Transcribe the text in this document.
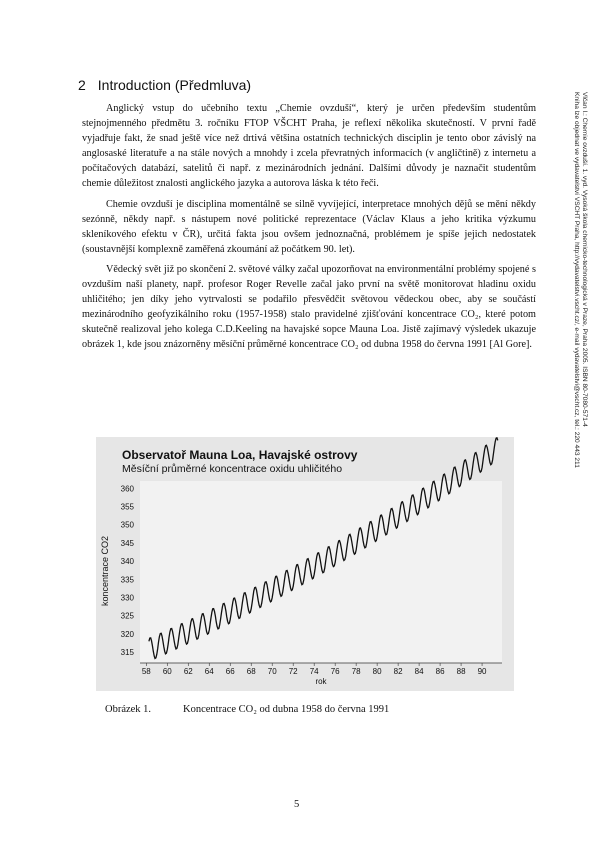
2 Introduction (Předmluva)
Vlčan I.: Chemie ovzduší. 1. vyd. Vysoká škola chemicko-technologická v Praze, Praha 2005. ISBN 80-7080-571-4
Kniha lze objednat ve vydavatelství VŠCHT Praha, http://vydavatelstvi.vscht.cz/, e-mail vydavatelstvi@vscht.cz, tel.: 220 443 211

Anglický vstup do učebního textu „Chemie ovzduší“, který je určen především studentům stejnojmenného předmětu 3. ročníku FTOP VŠCHT Praha, je reflexí několika skutečností. V první řadě vyjadřuje fakt, že snad ještě více než drtivá většina ostatních technických disciplin je tento obor závislý na anglosaské literatuře a na stále nových a mnohdy i zcela převratných informacích (v angličtině) z internetu a počítačových databází, satelitů či např. z mezinárodních jednání. Dalšími důvody je naznačit studentům chemie důležitost znalosti anglického jazyka a autorova láska k této řeči.

Chemie ovzduší je disciplina momentálně se silně vyvíjející, interpretace mnohých dějů se mění někdy sezónně, někdy např. s nástupem nové politické reprezentace (Václav Klaus a jeho kritika výzkumu skleníkového efektu v ČR), určitá fakta jsou ovšem jednoznačná, problémem je spíše jejich nedostatek (soustavnější komplexně zaměřená zkoumání až počátkem 90. let).

Vědecký svět již po skončení 2. světové války začal upozorňovat na environmentální problémy spojené s ovzduším naší planety, např. profesor Roger Revelle začal jako první na světě monitorovat hladinu oxidu uhličitého; jen díky jeho vytrvalosti se podařilo přesvědčit světovou vědeckou obec, aby se součástí mezinárodního geofyzikálního roku (1957-1958) stalo pravidelné zjišťování koncentrace CO₂, které potom skutečně realizoval jeho kolega C.D.Keeling na havajské sopce Mauna Loa. Jistě zajímavý výsledek ukazuje obrázek 1, kde jsou znázorněny měsíční průměrné koncentrace CO₂ od dubna 1958 do června 1991 [Al Gore].

Observatoř Mauna Loa, Havajské ostrovy
Měsíční průměrné koncentrace oxidu uhličitého
koncentrace CO2
rok
58 60 62 64 66 68 70 72 74 76 78 80 82 84 86 88 90
315
320
325
330
335
340
345
350
355
360
Obrázek 1.	Koncentrace CO₂ od dubna 1958 do června 1991
5
